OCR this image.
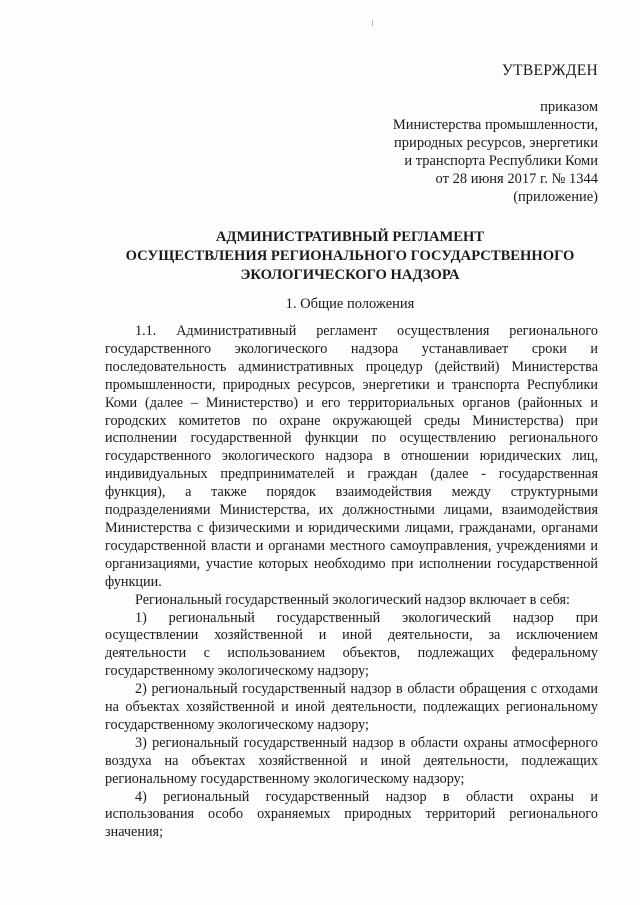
УТВЕРЖДЕН
приказом
Министерства промышленности,
природных ресурсов, энергетики
и транспорта Республики Коми
от 28 июня 2017 г. № 1344
(приложение)
АДМИНИСТРАТИВНЫЙ РЕГЛАМЕНТ
ОСУЩЕСТВЛЕНИЯ РЕГИОНАЛЬНОГО ГОСУДАРСТВЕННОГО
ЭКОЛОГИЧЕСКОГО НАДЗОРА
1. Общие положения

1.1. Административный регламент осуществления регионального государственного экологического надзора устанавливает сроки и последовательность административных процедур (действий) Министерства промышленности, природных ресурсов, энергетики и транспорта Республики Коми (далее – Министерство) и его территориальных органов (районных и городских комитетов по охране окружающей среды Министерства) при исполнении государственной функции по осуществлению регионального государственного экологического надзора в отношении юридических лиц, индивидуальных предпринимателей и граждан (далее - государственная функция), а также порядок взаимодействия между структурными подразделениями Министерства, их должностными лицами, взаимодействия Министерства с физическими и юридическими лицами, гражданами, органами государственной власти и органами местного самоуправления, учреждениями и организациями, участие которых необходимо при исполнении государственной функции.

Региональный государственный экологический надзор включает в себя:

1) региональный государственный экологический надзор при осуществлении хозяйственной и иной деятельности, за исключением деятельности с использованием объектов, подлежащих федеральному государственному экологическому надзору;

2) региональный государственный надзор в области обращения с отходами на объектах хозяйственной и иной деятельности, подлежащих региональному государственному экологическому надзору;

3) региональный государственный надзор в области охраны атмосферного воздуха на объектах хозяйственной и иной деятельности, подлежащих региональному государственному экологическому надзору;

4) региональный государственный надзор в области охраны и использования особо охраняемых природных территорий регионального значения;
